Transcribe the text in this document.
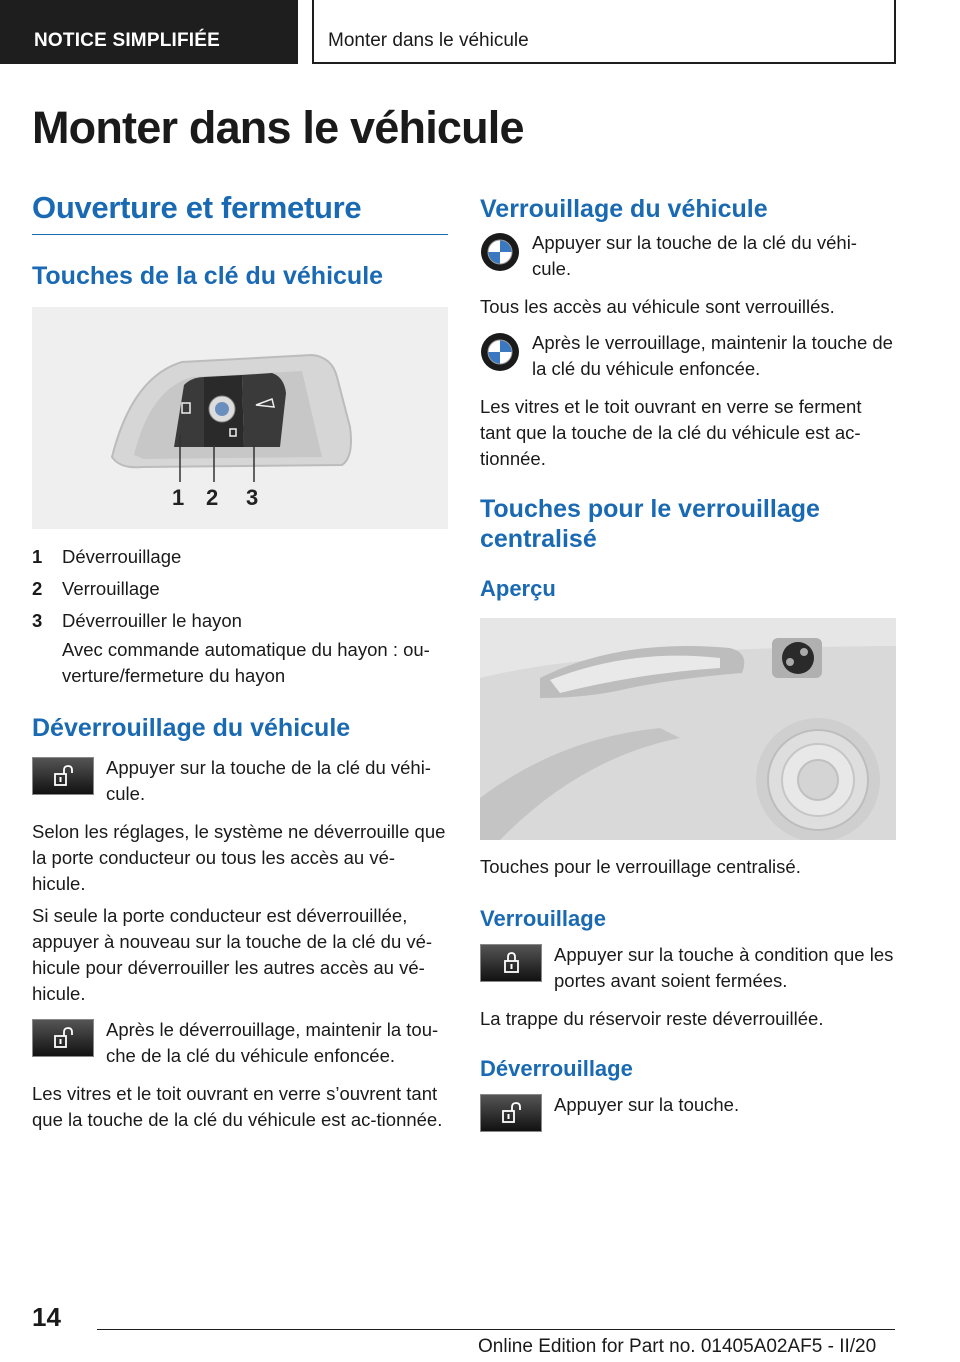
NOTICE SIMPLIFIÉE	Monter dans le véhicule
Monter dans le véhicule
Ouverture et fermeture
Touches de la clé du véhicule
1 2 3
1	Déverrouillage
2	Verrouillage
3	Déverrouiller le hayon
Avec commande automatique du hayon : ou-verture/fermeture du hayon
Déverrouillage du véhicule

Appuyer sur la touche de la clé du véhi-cule.

Selon les réglages, le système ne déverrouille que la porte conducteur ou tous les accès au vé-hicule.

Si seule la porte conducteur est déverrouillée, appuyer à nouveau sur la touche de la clé du vé-hicule pour déverrouiller les autres accès au vé-hicule.

Après le déverrouillage, maintenir la tou-che de la clé du véhicule enfoncée.

Les vitres et le toit ouvrant en verre s’ouvrent tant que la touche de la clé du véhicule est ac-tionnée.

Verrouillage du véhicule

Appuyer sur la touche de la clé du véhi-cule.

Tous les accès au véhicule sont verrouillés.

Après le verrouillage, maintenir la touche de la clé du véhicule enfoncée.

Les vitres et le toit ouvrant en verre se ferment tant que la touche de la clé du véhicule est ac-tionnée.

Touches pour le verrouillage centralisé
Aperçu

Touches pour le verrouillage centralisé.

Verrouillage

Appuyer sur la touche à condition que les portes avant soient fermées.

La trappe du réservoir reste déverrouillée.

Déverrouillage

Appuyer sur la touche.

14
Online Edition for Part no. 01405A02AF5 - II/20
